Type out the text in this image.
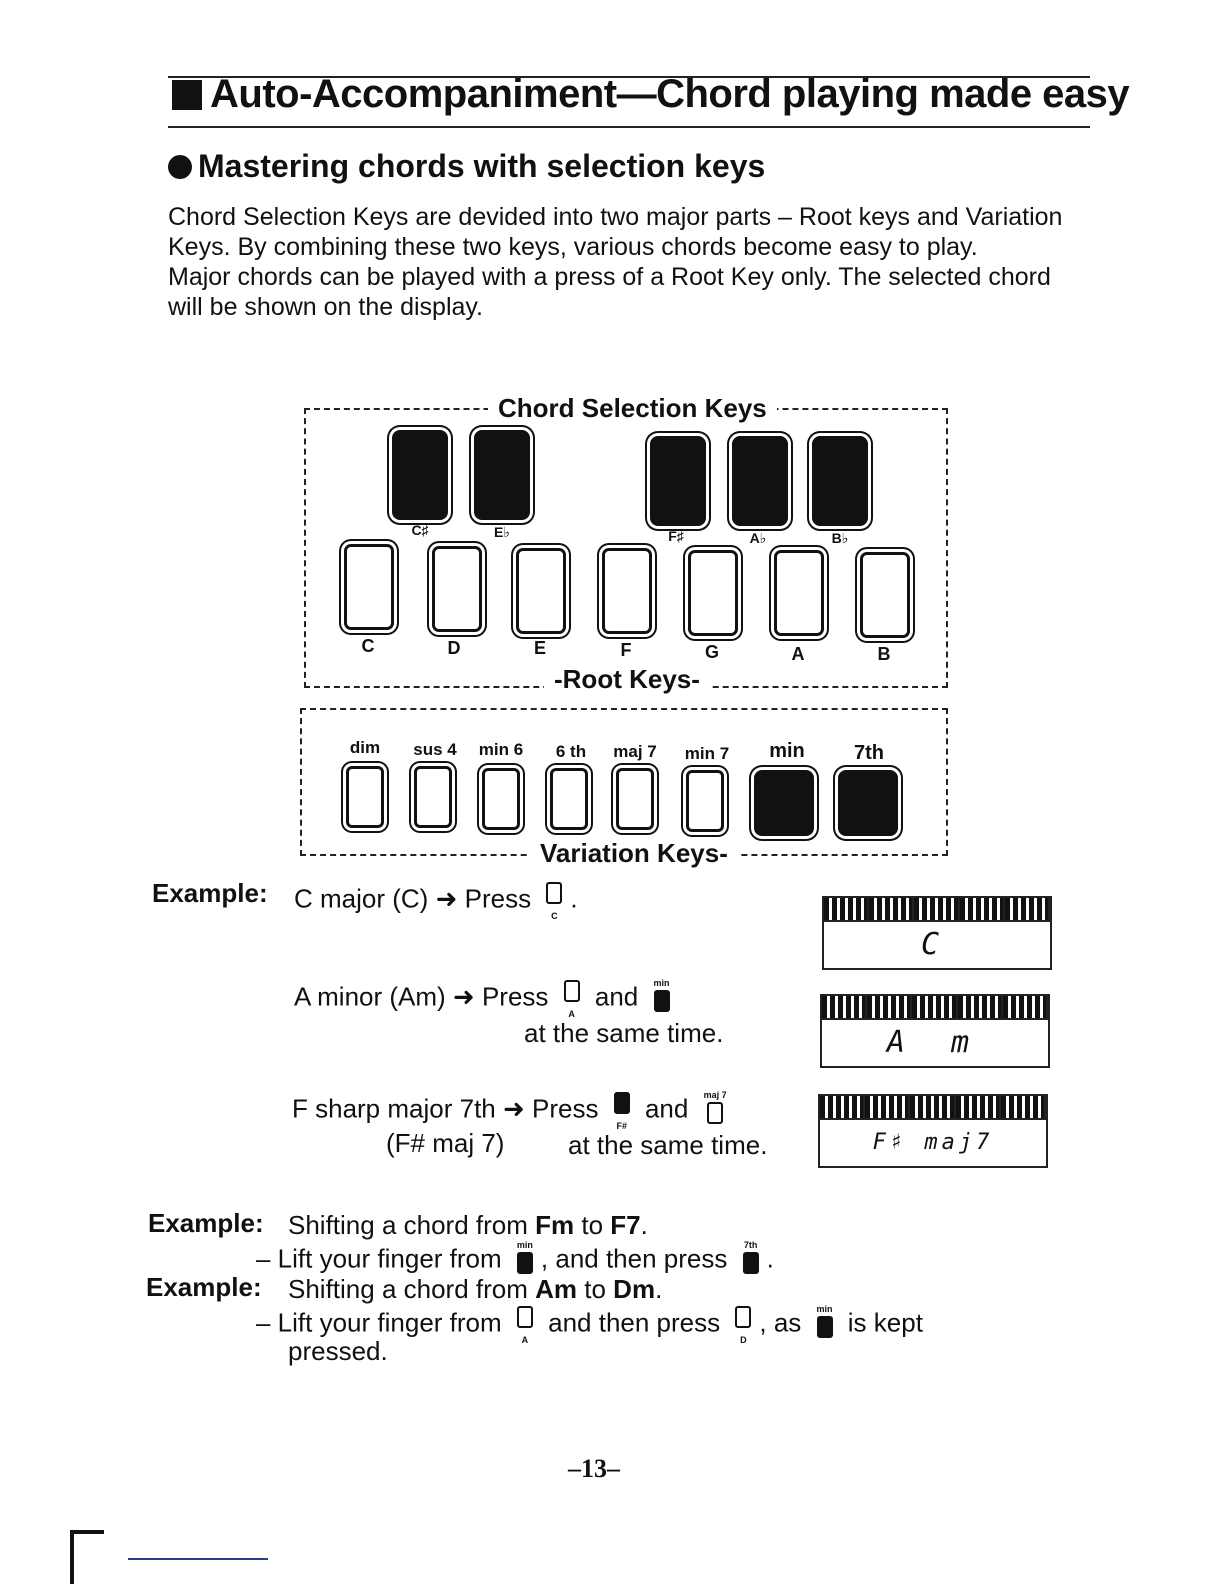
Auto-Accompaniment—Chord playing made easy
Mastering chords with selection keys

Chord Selection Keys are devided into two major parts – Root keys and Variation Keys. By combining these two keys, various chords become easy to play.

Major chords can be played with a press of a Root Key only. The selected chord will be shown on the display.

Chord Selection Keys
-Root Keys-
C♯	E♭	F♯	A♭	B♭
C	D	E	F	G	A	B
Variation Keys-
dim	sus 4	min 6	6 th	maj 7	min 7	min	7th
Example: C major (C) ➜ Press
C
.
C
A minor (Am) ➜ Press
A
and min
at the same time.	A m
F sharp major 7th ➜ Press
F#
and maj 7
(F# maj 7) at the same time.	F♯ maj7
Example: Shifting a chord from Fm to F7.
– Lift your finger from min , and then press 7th .
Example: Shifting a chord from Am to Dm.
– Lift your finger from
A
and then press
D
, as min is kept
pressed.
–13–
